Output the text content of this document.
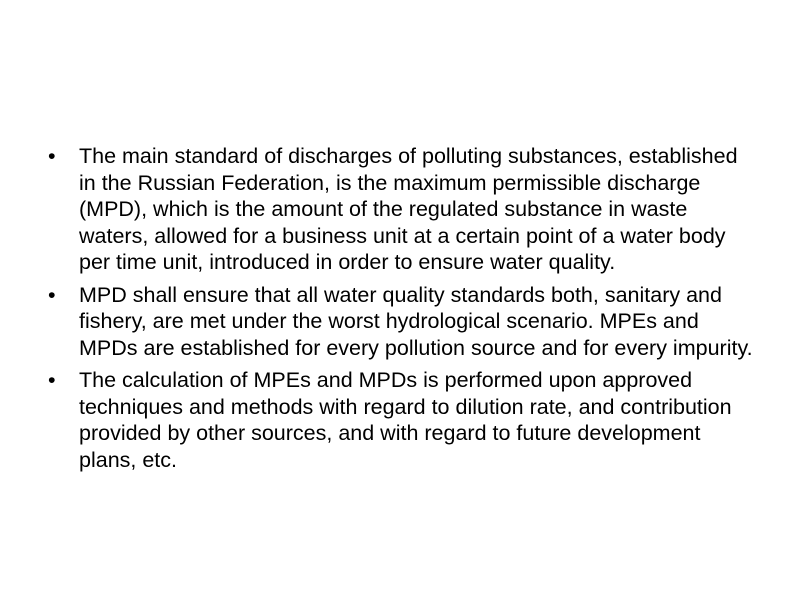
•	The main standard of discharges of polluting substances, established in the Russian Federation, is the maximum permissible discharge (MPD), which is the amount of the regulated substance in waste waters, allowed for a business unit at a certain point of a water body per time unit, introduced in order to ensure water quality.
•	MPD shall ensure that all water quality standards both, sanitary and fishery, are met under the worst hydrological scenario. MPEs and MPDs are established for every pollution source and for every impurity.
•	The calculation of MPEs and MPDs is performed upon approved techniques and methods with regard to dilution rate, and contribution provided by other sources, and with regard to future development plans, etc.
